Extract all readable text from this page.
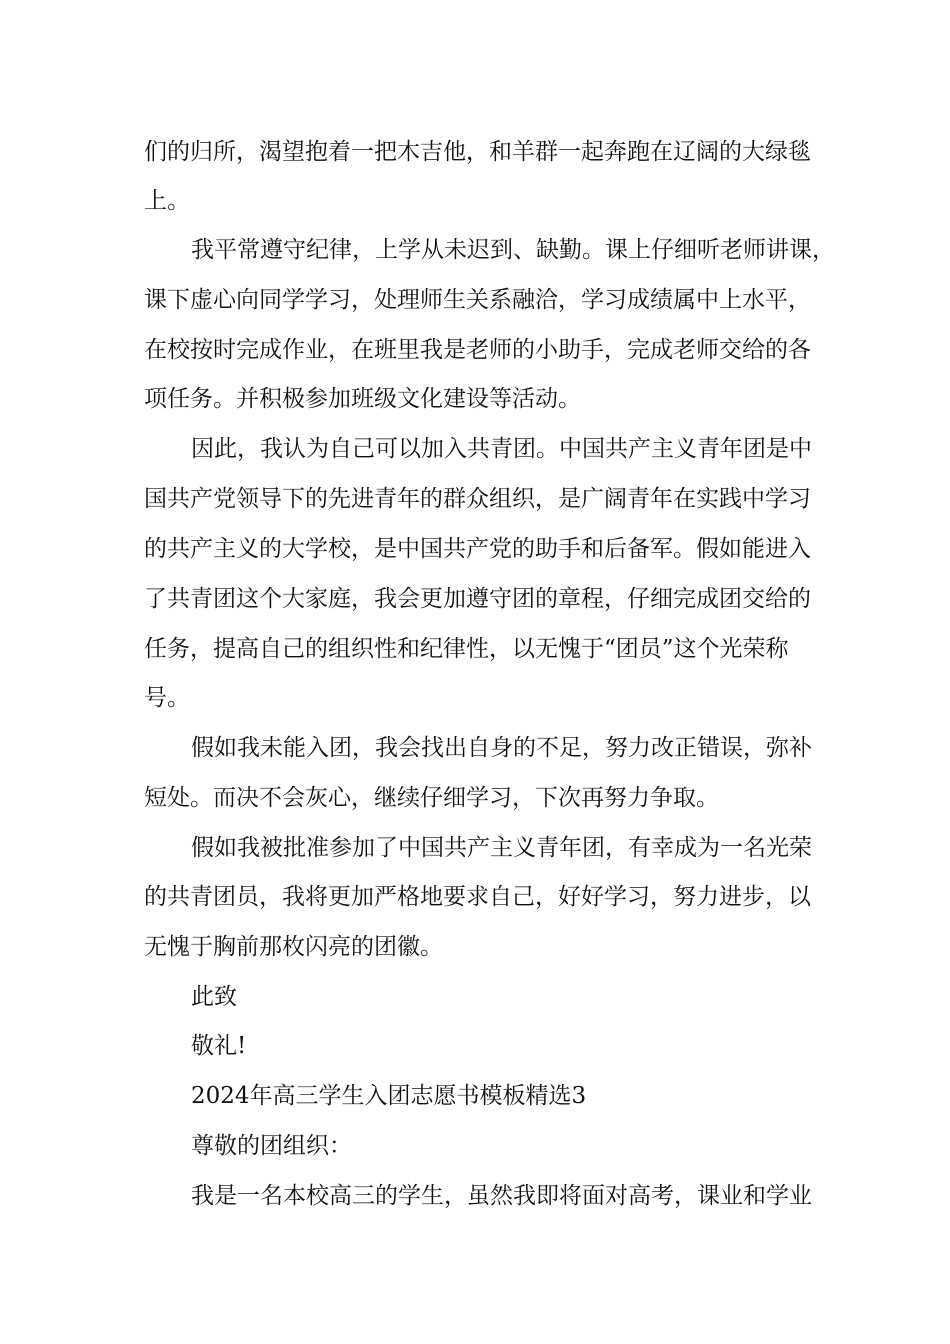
们的归所，渴望抱着一把木吉他，和羊群一起奔跑在辽阔的大绿毯
上。
我平常遵守纪律，上学从未迟到、缺勤。课上仔细听老师讲课，
课下虚心向同学学习，处理师生关系融洽，学习成绩属中上水平，
在校按时完成作业，在班里我是老师的小助手，完成老师交给的各
项任务。并积极参加班级文化建设等活动。
因此，我认为自己可以加入共青团。中国共产主义青年团是中
国共产党领导下的先进青年的群众组织，是广阔青年在实践中学习
的共产主义的大学校，是中国共产党的助手和后备军。假如能进入
了共青团这个大家庭，我会更加遵守团的章程，仔细完成团交给的
任务，提高自己的组织性和纪律性，以无愧于“团员”这个光荣称
号。
假如我未能入团，我会找出自身的不足，努力改正错误，弥补
短处。而决不会灰心，继续仔细学习，下次再努力争取。
假如我被批准参加了中国共产主义青年团，有幸成为一名光荣
的共青团员，我将更加严格地要求自己，好好学习，努力进步，以
无愧于胸前那枚闪亮的团徽。
此致
敬礼!
2024年高三学生入团志愿书模板精选3
尊敬的团组织：
我是一名本校高三的学生，虽然我即将面对高考，课业和学业
